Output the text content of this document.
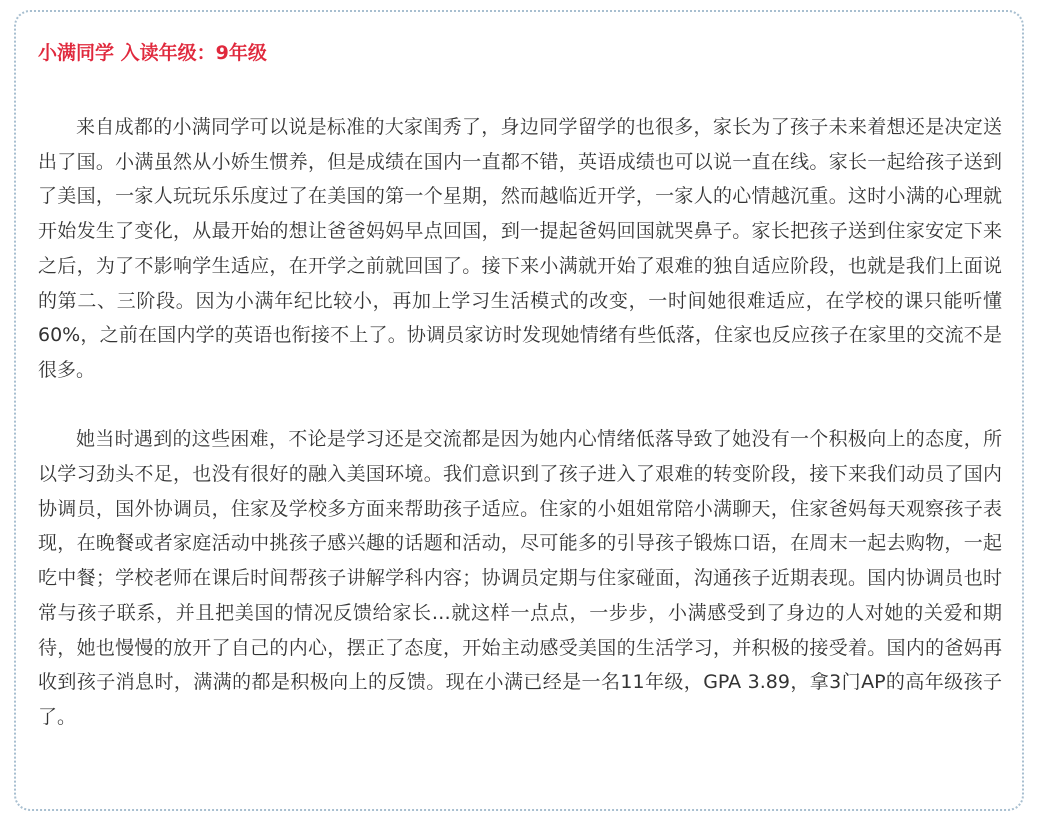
小满同学 入读年级：9年级

来自成都的小满同学可以说是标准的大家闺秀了，身边同学留学的也很多，家长为了孩子未来着想还是决定送出了国。小满虽然从小娇生惯养，但是成绩在国内一直都不错，英语成绩也可以说一直在线。家长一起给孩子送到了美国，一家人玩玩乐乐度过了在美国的第一个星期，然而越临近开学，一家人的心情越沉重。这时小满的心理就开始发生了变化，从最开始的想让爸爸妈妈早点回国，到一提起爸妈回国就哭鼻子。家长把孩子送到住家安定下来之后，为了不影响学生适应，在开学之前就回国了。接下来小满就开始了艰难的独自适应阶段，也就是我们上面说的第二、三阶段。因为小满年纪比较小，再加上学习生活模式的改变，一时间她很难适应，在学校的课只能听懂60%，之前在国内学的英语也衔接不上了。协调员家访时发现她情绪有些低落，住家也反应孩子在家里的交流不是很多。

她当时遇到的这些困难，不论是学习还是交流都是因为她内心情绪低落导致了她没有一个积极向上的态度，所以学习劲头不足，也没有很好的融入美国环境。我们意识到了孩子进入了艰难的转变阶段，接下来我们动员了国内协调员，国外协调员，住家及学校多方面来帮助孩子适应。住家的小姐姐常陪小满聊天，住家爸妈每天观察孩子表现，在晚餐或者家庭活动中挑孩子感兴趣的话题和活动，尽可能多的引导孩子锻炼口语，在周末一起去购物，一起吃中餐；学校老师在课后时间帮孩子讲解学科内容；协调员定期与住家碰面，沟通孩子近期表现。国内协调员也时常与孩子联系，并且把美国的情况反馈给家长…就这样一点点，一步步，小满感受到了身边的人对她的关爱和期待，她也慢慢的放开了自己的内心，摆正了态度，开始主动感受美国的生活学习，并积极的接受着。国内的爸妈再收到孩子消息时，满满的都是积极向上的反馈。现在小满已经是一名11年级，GPA 3.89，拿3门AP的高年级孩子了。
